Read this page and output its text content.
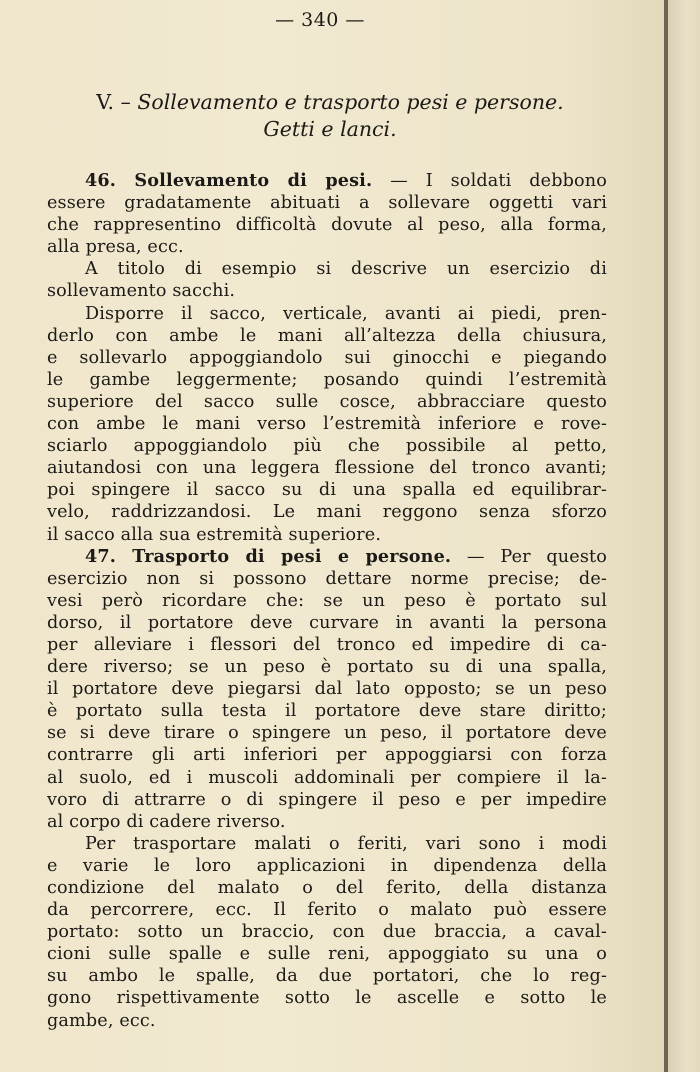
— 340 —
V. – Sollevamento e trasporto pesi e persone.
Getti e lanci.
46. Sollevamento di pesi. — I soldati debbono
essere gradatamente abituati a sollevare oggetti vari
che rappresentino difficoltà dovute al peso, alla forma,
alla presa, ecc.
A titolo di esempio si descrive un esercizio di
sollevamento sacchi.
Disporre il sacco, verticale, avanti ai piedi, pren-
derlo con ambe le mani all’altezza della chiusura,
e sollevarlo appoggiandolo sui ginocchi e piegando
le gambe leggermente; posando quindi l’estremità
superiore del sacco sulle cosce, abbracciare questo
con ambe le mani verso l’estremità inferiore e rove-
sciarlo appoggiandolo più che possibile al petto,
aiutandosi con una leggera flessione del tronco avanti;
poi spingere il sacco su di una spalla ed equilibrar-
velo, raddrizzandosi. Le mani reggono senza sforzo
il sacco alla sua estremità superiore.
47. Trasporto di pesi e persone. — Per questo
esercizio non si possono dettare norme precise; de-
vesi però ricordare che: se un peso è portato sul
dorso, il portatore deve curvare in avanti la persona
per alleviare i flessori del tronco ed impedire di ca-
dere riverso; se un peso è portato su di una spalla,
il portatore deve piegarsi dal lato opposto; se un peso
è portato sulla testa il portatore deve stare diritto;
se si deve tirare o spingere un peso, il portatore deve
contrarre gli arti inferiori per appoggiarsi con forza
al suolo, ed i muscoli addominali per compiere il la-
voro di attrarre o di spingere il peso e per impedire
al corpo di cadere riverso.
Per trasportare malati o feriti, vari sono i modi
e varie le loro applicazioni in dipendenza della
condizione del malato o del ferito, della distanza
da percorrere, ecc. Il ferito o malato può essere
portato: sotto un braccio, con due braccia, a caval-
cioni sulle spalle e sulle reni, appoggiato su una o
su ambo le spalle, da due portatori, che lo reg-
gono rispettivamente sotto le ascelle e sotto le
gambe, ecc.
